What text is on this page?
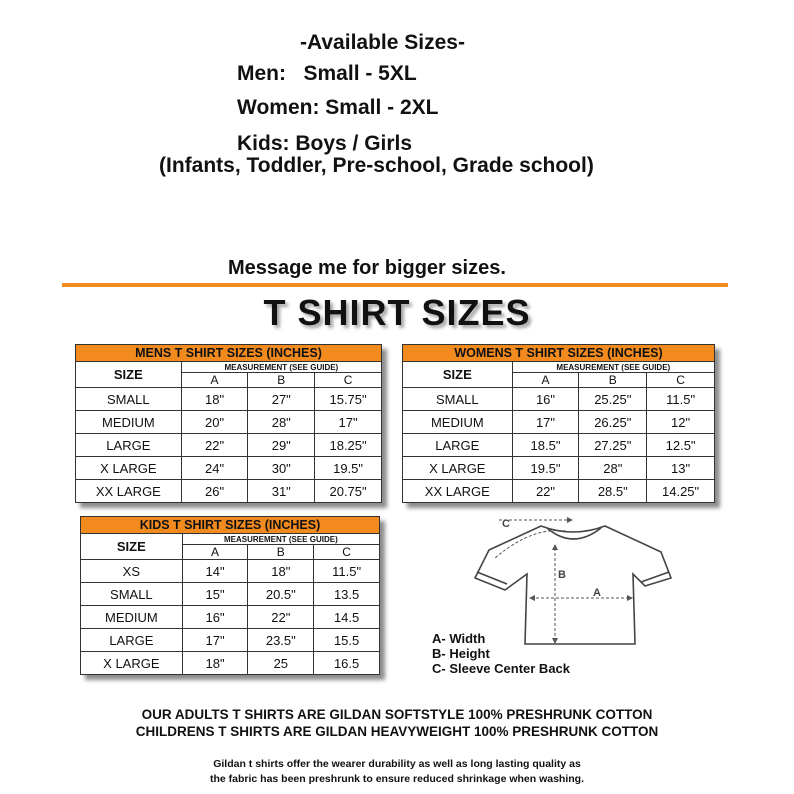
-Available Sizes-
Men:   Small - 5XL
Women: Small - 2XL
Kids: Boys / Girls
(Infants, Toddler, Pre-school, Grade school)
Message me for bigger sizes.
T SHIRT SIZES
MENS T SHIRT SIZES (INCHES)			
SIZE	MEASUREMENT (SEE GUIDE)		
	A	B	C
SMALL	18"	27"	15.75"
MEDIUM	20"	28"	17"
LARGE	22"	29"	18.25"
X LARGE	24"	30"	19.5"
XX LARGE	26"	31"	20.75"
WOMENS T SHIRT SIZES (INCHES)			
SIZE	MEASUREMENT (SEE GUIDE)		
	A	B	C
SMALL	16"	25.25"	11.5"
MEDIUM	17"	26.25"	12"
LARGE	18.5"	27.25"	12.5"
X LARGE	19.5"	28"	13"
XX LARGE	22"	28.5"	14.25"
KIDS T SHIRT SIZES (INCHES)			
SIZE	MEASUREMENT (SEE GUIDE)		
	A	B	C
XS	14"	18"	11.5"
SMALL	15"	20.5"	13.5
MEDIUM	16"	22"	14.5
LARGE	17"	23.5"	15.5
X LARGE	18"	25	16.5
C
B
A
A- Width
B- Height
C- Sleeve Center Back
OUR ADULTS T SHIRTS ARE GILDAN SOFTSTYLE 100% PRESHRUNK COTTON
CHILDRENS T SHIRTS ARE GILDAN HEAVYWEIGHT 100% PRESHRUNK COTTON
Gildan t shirts offer the wearer durability as well as long lasting quality as
the fabric has been preshrunk to ensure reduced shrinkage when washing.
